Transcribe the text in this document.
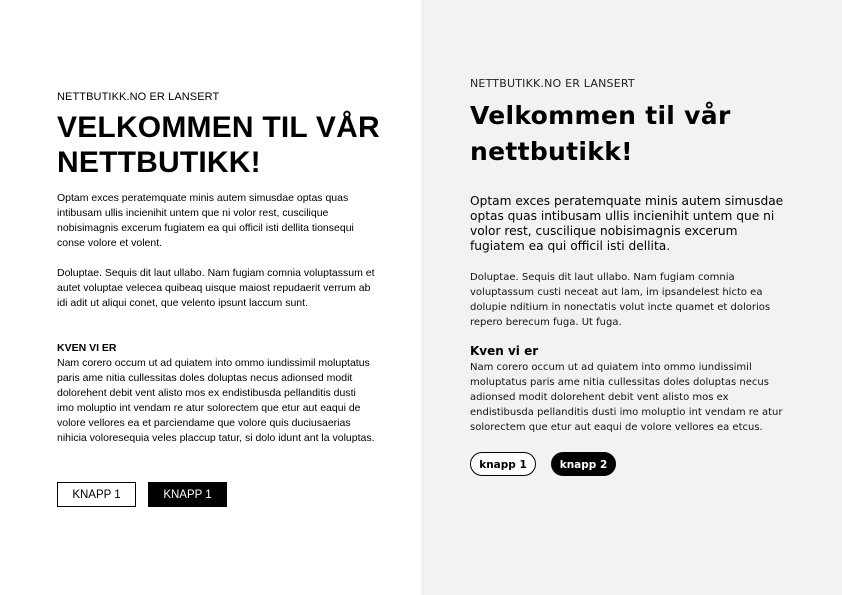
NETTBUTIKK.NO ER LANSERT
VELKOMMEN TIL VÅR NETTBUTIKK!

Optam exces peratemquate minis autem simusdae optas quas intibusam ullis incienihit untem que ni volor rest, cuscilique nobisimagnis excerum fugiatem ea qui officil isti dellita tionsequi conse volore et volent.

Doluptae. Sequis dit laut ullabo. Nam fugiam comnia voluptassum et autet voluptae velecea quibeaq uisque maiost repudaerit verrum ab idi adit ut aliqui conet, que velento ipsunt laccum sunt.

KVEN VI ER

Nam corero occum ut ad quiatem into ommo iundissimil moluptatus paris ame nitia cullessitas doles doluptas necus adionsed modit dolorehent debit vent alisto mos ex endistibusda pellanditis dusti imo moluptio int vendam re atur solorectem que etur aut eaqui de volore vellores ea et parciendame que volore quis duciusaerias nihicia voloresequia veles placcup tatur, si dolo idunt ant la voluptas.

KNAPP 1	KNAPP 1
NETTBUTIKK.NO ER LANSERT
Velkommen til vår nettbutikk!

Optam exces peratemquate minis autem simusdae optas quas intibusam ullis incienihit untem que ni volor rest, cuscilique nobisimagnis excerum fugiatem ea qui officil isti dellita.

Doluptae. Sequis dit laut ullabo. Nam fugiam comnia voluptassum custi neceat aut lam, im ipsandelest hicto ea dolupie nditium in nonectatis volut incte quamet et dolorios repero berecum fuga. Ut fuga.

Kven vi er

Nam corero occum ut ad quiatem into ommo iundissimil moluptatus paris ame nitia cullessitas doles doluptas necus adionsed modit dolorehent debit vent alisto mos ex endistibusda pellanditis dusti imo moluptio int vendam re atur solorectem que etur aut eaqui de volore vellores ea etcus.

knapp 1	knapp 2
